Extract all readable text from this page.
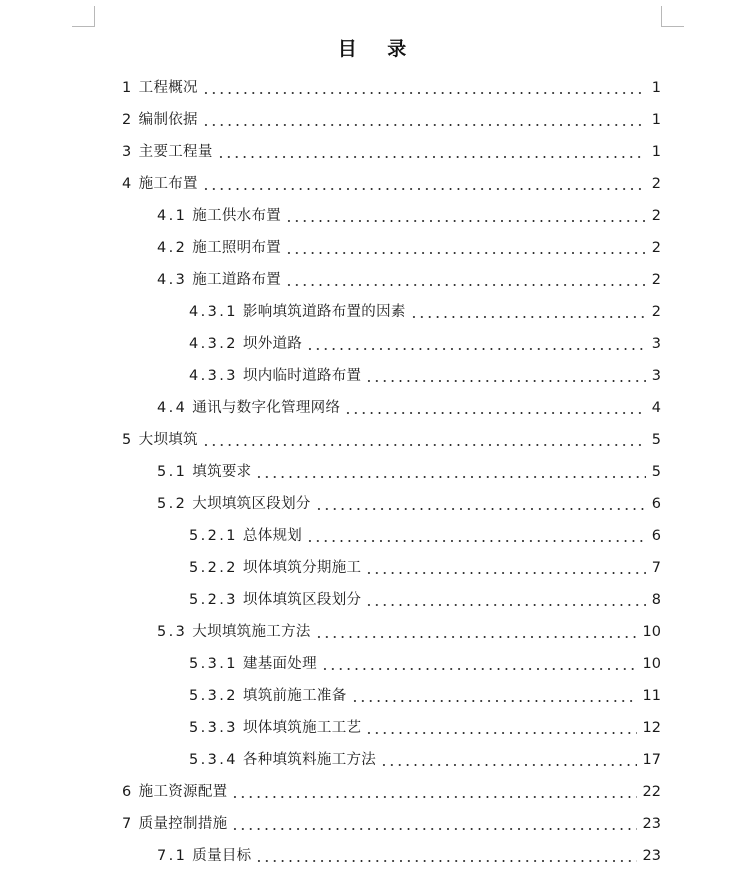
目 录
1 工程概况	1
2 编制依据	1
3 主要工程量	1
4 施工布置	2
4.1 施工供水布置	2
4.2 施工照明布置	2
4.3 施工道路布置	2
4.3.1 影响填筑道路布置的因素	2
4.3.2 坝外道路	3
4.3.3 坝内临时道路布置	3
4.4 通讯与数字化管理网络	4
5 大坝填筑	5
5.1 填筑要求	5
5.2 大坝填筑区段划分	6
5.2.1 总体规划	6
5.2.2 坝体填筑分期施工	7
5.2.3 坝体填筑区段划分	8
5.3 大坝填筑施工方法	10
5.3.1 建基面处理	10
5.3.2 填筑前施工准备	11
5.3.3 坝体填筑施工工艺	12
5.3.4 各种填筑料施工方法	17
6 施工资源配置	22
7 质量控制措施	23
7.1 质量目标	23
